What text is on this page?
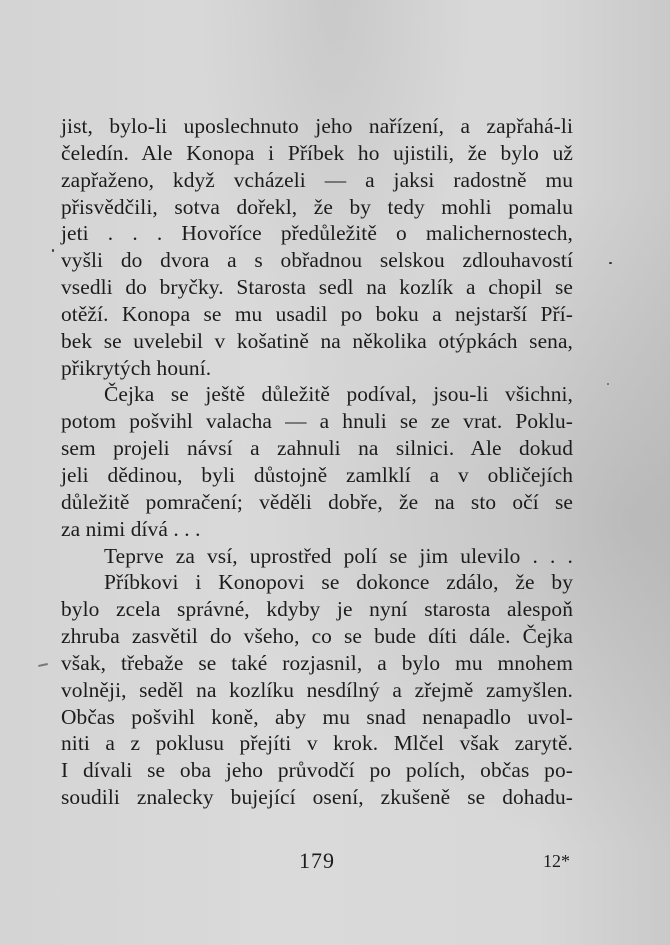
jist, bylo-li uposlechnuto jeho nařízení, a zapřahá-li
čeledín. Ale Konopa i Příbek ho ujistili, že bylo už
zapřaženo, když vcházeli — a jaksi radostně mu
přisvědčili, sotva dořekl, že by tedy mohli pomalu
jeti . . . Hovoříce předůležitě o malichernostech,
vyšli do dvora a s obřadnou selskou zdlouhavostí
vsedli do bryčky. Starosta sedl na kozlík a chopil se
otěží. Konopa se mu usadil po boku a nejstarší Pří-
bek se uvelebil v košatině na několika otýpkách sena,
přikrytých houní.
Čejka se ještě důležitě podíval, jsou-li všichni,
potom pošvihl valacha — a hnuli se ze vrat. Poklu-
sem projeli návsí a zahnuli na silnici. Ale dokud
jeli dědinou, byli důstojně zamlklí a v obličejích
důležitě pomračení; věděli dobře, že na sto očí se
za nimi dívá . . .
Teprve za vsí, uprostřed polí se jim ulevilo . . .
Příbkovi i Konopovi se dokonce zdálo, že by
bylo zcela správné, kdyby je nyní starosta alespoň
zhruba zasvětil do všeho, co se bude díti dále. Čejka
však, třebaže se také rozjasnil, a bylo mu mnohem
volněji, seděl na kozlíku nesdílný a zřejmě zamyšlen.
Občas pošvihl koně, aby mu snad nenapadlo uvol-
niti a z poklusu přejíti v krok. Mlčel však zarytě.
I dívali se oba jeho průvodčí po polích, občas po-
soudili znalecky bujející osení, zkušeně se dohadu-
179	12*
